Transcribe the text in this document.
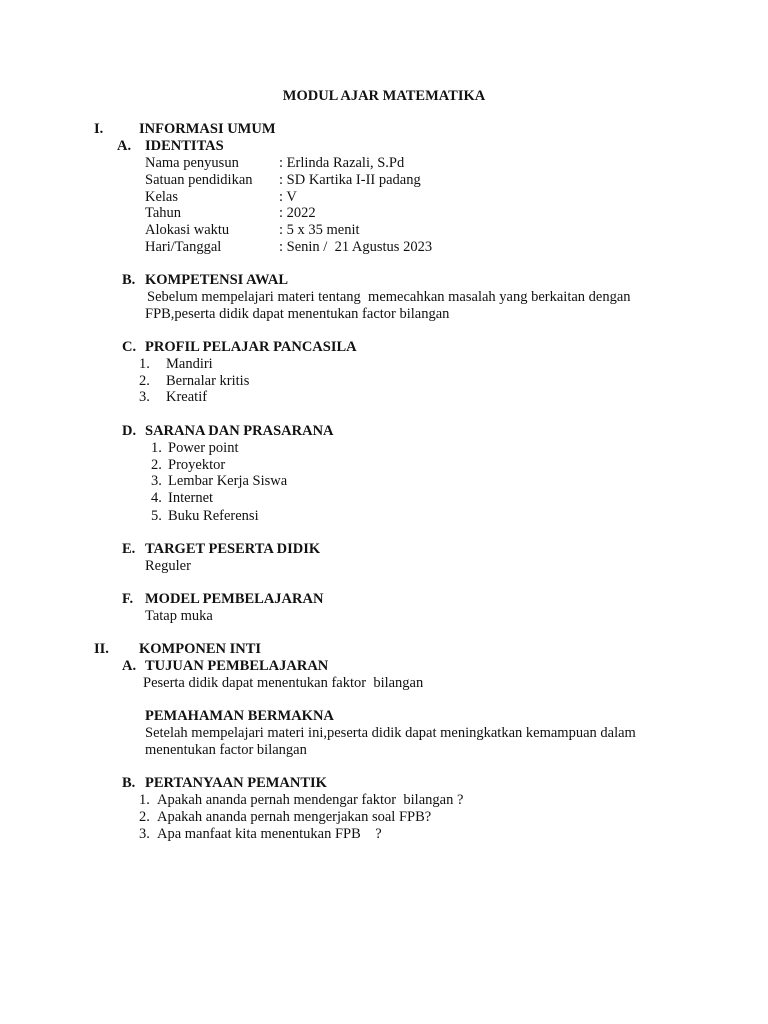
MODUL AJAR MATEMATIKA
I. INFORMASI UMUM
A. IDENTITAS
Nama penyusun	: Erlinda Razali, S.Pd
Satuan pendidikan : SD Kartika I-II padang
Kelas	: V
Tahun	: 2022
Alokasi waktu	: 5 x 35 menit
Hari/Tanggal	: Senin /  21 Agustus 2023
B. KOMPETENSI AWAL
Sebelum mempelajari materi tentang  memecahkan masalah yang berkaitan dengan
FPB,peserta didik dapat menentukan factor bilangan
C. PROFIL PELAJAR PANCASILA
1. Mandiri
2. Bernalar kritis
3. Kreatif
D. SARANA DAN PRASARANA
1. Power point
2. Proyektor
3. Lembar Kerja Siswa
4. Internet
5. Buku Referensi
E. TARGET PESERTA DIDIK
Reguler
F. MODEL PEMBELAJARAN
Tatap muka
II. KOMPONEN INTI
A. TUJUAN PEMBELAJARAN
Peserta didik dapat menentukan faktor  bilangan
PEMAHAMAN BERMAKNA
Setelah mempelajari materi ini,peserta didik dapat meningkatkan kemampuan dalam
menentukan factor bilangan
B. PERTANYAAN PEMANTIK
1. Apakah ananda pernah mendengar faktor  bilangan ?
2. Apakah ananda pernah mengerjakan soal FPB?
3. Apa manfaat kita menentukan FPB    ?
